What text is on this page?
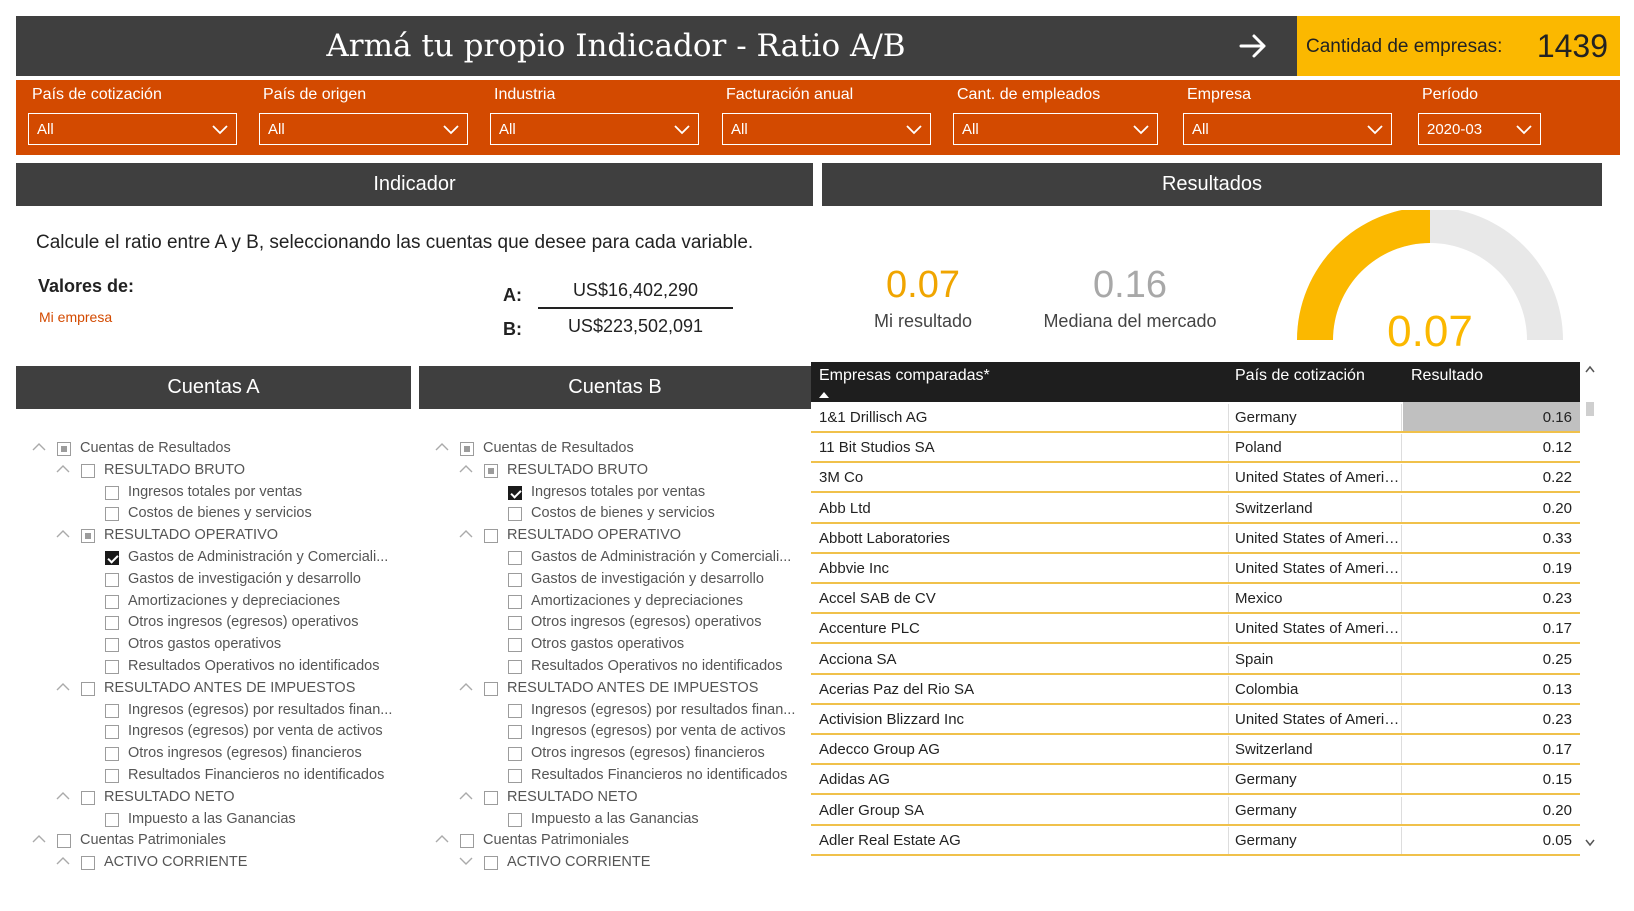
Armá tu propio Indicador - Ratio A/B	Cantidad de empresas: 1439
País de cotización
All
País de origen
All
Industria
All
Facturación anual
All
Cant. de empleados
All
Empresa
All
Período
2020-03
Indicador	Resultados
Calcule el ratio entre A y B, seleccionando las cuentas que desee para cada variable.
Valores de:
Mi empresa
A:	US$16,402,290
B:	US$223,502,091
0.07
Mi resultado
0.16
Mediana del mercado	0.07
Cuentas A	Cuentas B
Cuentas de Resultados
RESULTADO BRUTO
Ingresos totales por ventas
Costos de bienes y servicios
RESULTADO OPERATIVO
Gastos de Administración y Comerciali...
Gastos de investigación y desarrollo
Amortizaciones y depreciaciones
Otros ingresos (egresos) operativos
Otros gastos operativos
Resultados Operativos no identificados
RESULTADO ANTES DE IMPUESTOS
Ingresos (egresos) por resultados finan...
Ingresos (egresos) por venta de activos
Otros ingresos (egresos) financieros
Resultados Financieros no identificados
RESULTADO NETO
Impuesto a las Ganancias
Cuentas Patrimoniales
ACTIVO CORRIENTE
Cuentas de Resultados
RESULTADO BRUTO
Ingresos totales por ventas
Costos de bienes y servicios
RESULTADO OPERATIVO
Gastos de Administración y Comerciali...
Gastos de investigación y desarrollo
Amortizaciones y depreciaciones
Otros ingresos (egresos) operativos
Otros gastos operativos
Resultados Operativos no identificados
RESULTADO ANTES DE IMPUESTOS
Ingresos (egresos) por resultados finan...
Ingresos (egresos) por venta de activos
Otros ingresos (egresos) financieros
Resultados Financieros no identificados
RESULTADO NETO
Impuesto a las Ganancias
Cuentas Patrimoniales
ACTIVO CORRIENTE
Empresas comparadas*	País de cotización	Resultado
1&1 Drillisch AG	Germany	0.16
11 Bit Studios SA	Poland	0.12
3M Co	United States of America	0.22
Abb Ltd	Switzerland	0.20
Abbott Laboratories	United States of America	0.33
Abbvie Inc	United States of America	0.19
Accel SAB de CV	Mexico	0.23
Accenture PLC	United States of America	0.17
Acciona SA	Spain	0.25
Acerias Paz del Rio SA	Colombia	0.13
Activision Blizzard Inc	United States of America	0.23
Adecco Group AG	Switzerland	0.17
Adidas AG	Germany	0.15
Adler Group SA	Germany	0.20
Adler Real Estate AG	Germany	0.05
